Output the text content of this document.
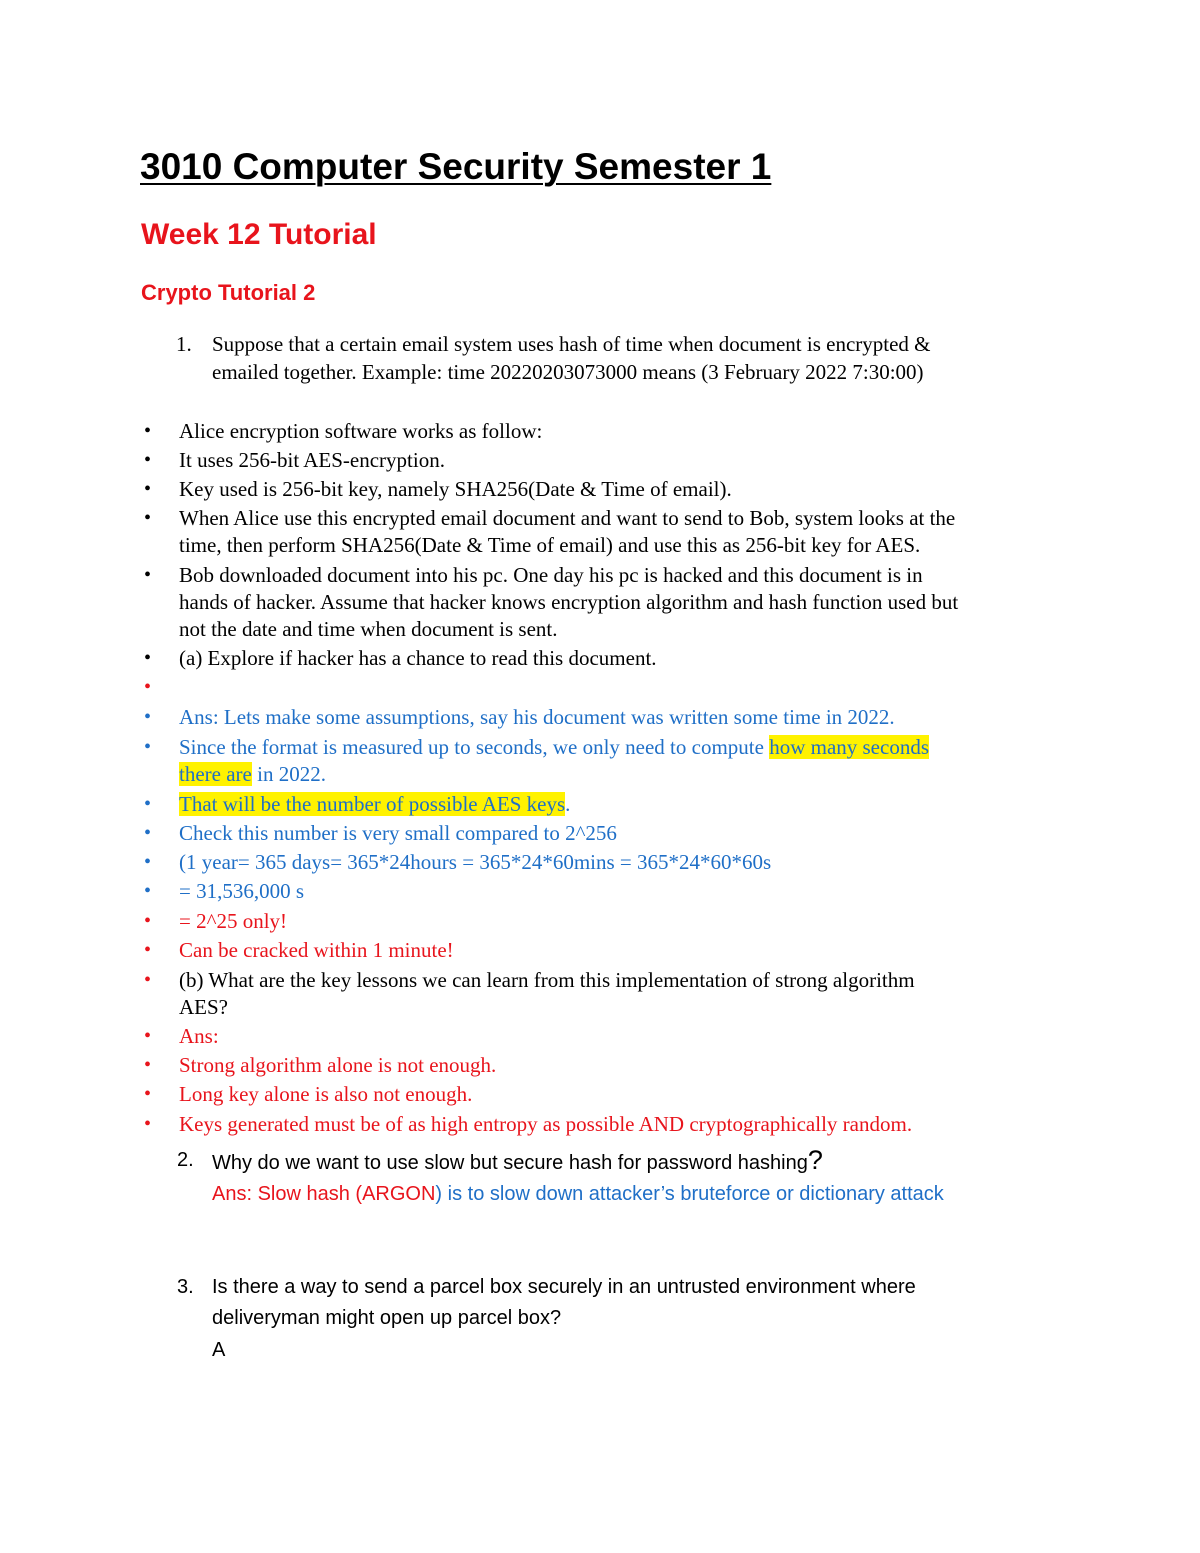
3010 Computer Security Semester 1
Week 12 Tutorial
Crypto Tutorial 2
1. Suppose that a certain email system uses hash of time when document is encrypted &
emailed together. Example: time 20220203073000 means (3 February 2022 7:30:00)
• Alice encryption software works as follow:
• It uses 256-bit AES-encryption.
• Key used is 256-bit key, namely SHA256(Date & Time of email).
• When Alice use this encrypted email document and want to send to Bob, system looks at the
time, then perform SHA256(Date & Time of email) and use this as 256-bit key for AES.
• Bob downloaded document into his pc. One day his pc is hacked and this document is in
hands of hacker. Assume that hacker knows encryption algorithm and hash function used but
not the date and time when document is sent.
• (a) Explore if hacker has a chance to read this document.
•
• Ans: Lets make some assumptions, say his document was written some time in 2022.
• Since the format is measured up to seconds, we only need to compute how many seconds
there are in 2022.
• That will be the number of possible AES keys.
• Check this number is very small compared to 2^256
• (1 year= 365 days= 365*24hours = 365*24*60mins = 365*24*60*60s
• = 31,536,000 s
• = 2^25 only!
• Can be cracked within 1 minute!
• (b) What are the key lessons we can learn from this implementation of strong algorithm
AES?
• Ans:
• Strong algorithm alone is not enough.
• Long key alone is also not enough.
• Keys generated must be of as high entropy as possible AND cryptographically random.
2. Why do we want to use slow but secure hash for password hashing?
Ans: Slow hash (ARGON) is to slow down attacker’s bruteforce or dictionary attack
3. Is there a way to send a parcel box securely in an untrusted environment where
deliveryman might open up parcel box?
A
